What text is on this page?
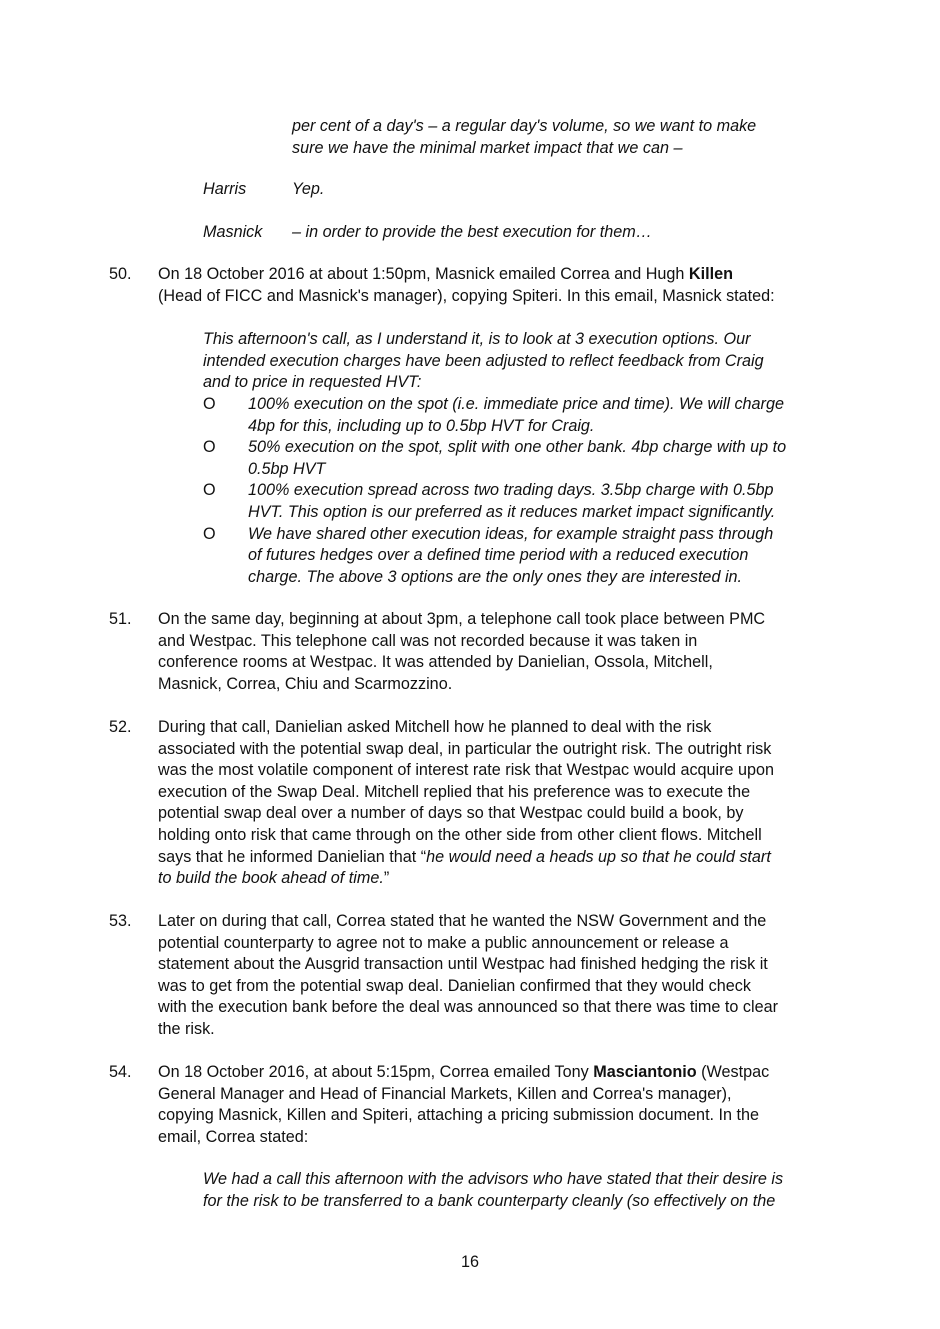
per cent of a day's – a regular day's volume, so we want to make
sure we have the minimal market impact that we can –
Harris	Yep.
Masnick	– in order to provide the best execution for them…
50. On 18 October 2016 at about 1:50pm, Masnick emailed Correa and Hugh Killen
(Head of FICC and Masnick's manager), copying Spiteri. In this email, Masnick stated:
This afternoon's call, as I understand it, is to look at 3 execution options. Our
intended execution charges have been adjusted to reflect feedback from Craig
and to price in requested HVT:
O 100% execution on the spot (i.e. immediate price and time). We will charge
4bp for this, including up to 0.5bp HVT for Craig.
O 50% execution on the spot, split with one other bank. 4bp charge with up to
0.5bp HVT
O 100% execution spread across two trading days. 3.5bp charge with 0.5bp
HVT. This option is our preferred as it reduces market impact significantly.
O We have shared other execution ideas, for example straight pass through
of futures hedges over a defined time period with a reduced execution
charge. The above 3 options are the only ones they are interested in.
51. On the same day, beginning at about 3pm, a telephone call took place between PMC
and Westpac. This telephone call was not recorded because it was taken in
conference rooms at Westpac. It was attended by Danielian, Ossola, Mitchell,
Masnick, Correa, Chiu and Scarmozzino.
52. During that call, Danielian asked Mitchell how he planned to deal with the risk
associated with the potential swap deal, in particular the outright risk. The outright risk
was the most volatile component of interest rate risk that Westpac would acquire upon
execution of the Swap Deal. Mitchell replied that his preference was to execute the
potential swap deal over a number of days so that Westpac could build a book, by
holding onto risk that came through on the other side from other client flows. Mitchell
says that he informed Danielian that “he would need a heads up so that he could start
to build the book ahead of time.”
53. Later on during that call, Correa stated that he wanted the NSW Government and the
potential counterparty to agree not to make a public announcement or release a
statement about the Ausgrid transaction until Westpac had finished hedging the risk it
was to get from the potential swap deal. Danielian confirmed that they would check
with the execution bank before the deal was announced so that there was time to clear
the risk.
54. On 18 October 2016, at about 5:15pm, Correa emailed Tony Masciantonio (Westpac
General Manager and Head of Financial Markets, Killen and Correa's manager),
copying Masnick, Killen and Spiteri, attaching a pricing submission document. In the
email, Correa stated:
We had a call this afternoon with the advisors who have stated that their desire is
for the risk to be transferred to a bank counterparty cleanly (so effectively on the
16
